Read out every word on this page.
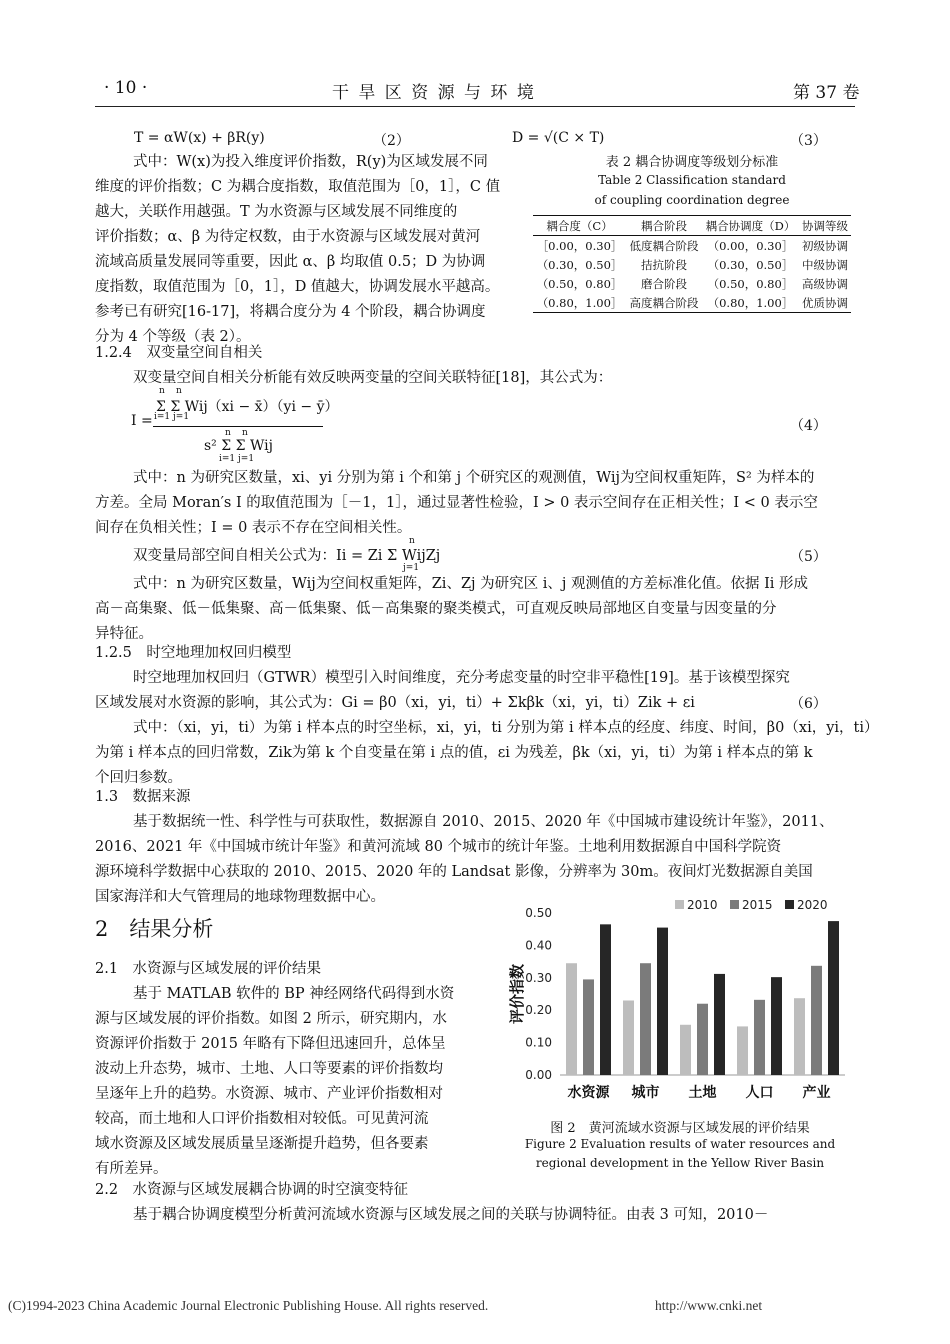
· 10 ·	干 旱 区 资 源 与 环 境	第 37 卷
T = αW(x) + βR(y)	（2）	D = √(C × T)	（3）
式中：W(x)为投入维度评价指数，R(y)为区域发展不同
维度的评价指数；C 为耦合度指数，取值范围为［0，1］，C 值
越大，关联作用越强。T 为水资源与区域发展不同维度的
评价指数；α、β 为待定权数，由于水资源与区域发展对黄河
流域高质量发展同等重要，因此 α、β 均取值 0.5；D 为协调
度指数，取值范围为［0，1］，D 值越大，协调发展水平越高。
参考已有研究[16-17]，将耦合度分为 4 个阶段，耦合协调度
分为 4 个等级（表 2）。
表 2 耦合协调度等级划分标准
Table 2 Classification standard
of coupling coordination degree
耦合度（C）	耦合阶段	耦合协调度（D）	协调等级
［0.00，0.30］	低度耦合阶段	（0.00，0.30］	初级协调
（0.30，0.50］	拮抗阶段	（0.30，0.50］	中级协调
（0.50，0.80］	磨合阶段	（0.50，0.80］	高级协调
（0.80，1.00］	高度耦合阶段	（0.80，1.00］	优质协调
1.2.4　双变量空间自相关
双变量空间自相关分析能有效反映两变量的空间关联特征[18]，其公式为：
I =
n n
Σ Σ Wij（xi − x̄）（yi − ȳ）
i=1 j=1
n n
s² Σ Σ Wij
i=1 j=1
（4）
式中：n 为研究区数量，xi、yi 分别为第 i 个和第 j 个研究区的观测值，Wij为空间权重矩阵，S² 为样本的
方差。全局 Moran′s I 的取值范围为［－1，1］，通过显著性检验，I > 0 表示空间存在正相关性；I < 0 表示空
间存在负相关性；I = 0 表示不存在空间相关性。
n
双变量局部空间自相关公式为：Ii = Zi Σ WijZj
j=1
（5）
式中：n 为研究区数量，Wij为空间权重矩阵，Zi、Zj 为研究区 i、j 观测值的方差标准化值。依据 Ii 形成
高－高集聚、低－低集聚、高－低集聚、低－高集聚的聚类模式，可直观反映局部地区自变量与因变量的分
异特征。
1.2.5　时空地理加权回归模型
时空地理加权回归（GTWR）模型引入时间维度，充分考虑变量的时空非平稳性[19]。基于该模型探究
区域发展对水资源的影响，其公式为：Gi = β0（xi，yi，ti）+ Σkβk（xi，yi，ti）Zik + εi	（6）
式中：（xi，yi，ti）为第 i 样本点的时空坐标，xi，yi，ti 分别为第 i 样本点的经度、纬度、时间，β0（xi，yi，ti）
为第 i 样本点的回归常数，Zik为第 k 个自变量在第 i 点的值，εi 为残差，βk（xi，yi，ti）为第 i 样本点的第 k
个回归参数。
1.3　数据来源
基于数据统一性、科学性与可获取性，数据源自 2010、2015、2020 年《中国城市建设统计年鉴》，2011、
2016、2021 年《中国城市统计年鉴》和黄河流域 80 个城市的统计年鉴。土地利用数据源自中国科学院资
源环境科学数据中心获取的 2010、2015、2020 年的 Landsat 影像，分辨率为 30m。夜间灯光数据源自美国
国家海洋和大气管理局的地球物理数据中心。
2　结果分析
2.1　水资源与区域发展的评价结果
基于 MATLAB 软件的 BP 神经网络代码得到水资
源与区域发展的评价指数。如图 2 所示，研究期内，水
资源评价指数于 2015 年略有下降但迅速回升，总体呈
波动上升态势，城市、土地、人口等要素的评价指数均
呈逐年上升的趋势。水资源、城市、产业评价指数相对
较高，而土地和人口评价指数相对较低。可见黄河流
域水资源及区域发展质量呈逐渐提升趋势，但各要素
有所差异。
2.2　水资源与区域发展耦合协调的时空演变特征
基于耦合协调度模型分析黄河流域水资源与区域发展之间的关联与协调特征。由表 3 可知，2010－
0.00
0.10
0.20
0.30
0.40
0.50
评价指数
水资源 城市 土地 人口 产业
2010 2015 2020
图 2　黄河流域水资源与区域发展的评价结果
Figure 2 Evaluation results of water resources and
regional development in the Yellow River Basin
(C)1994-2023 China Academic Journal Electronic Publishing House. All rights reserved.	http://www.cnki.net
